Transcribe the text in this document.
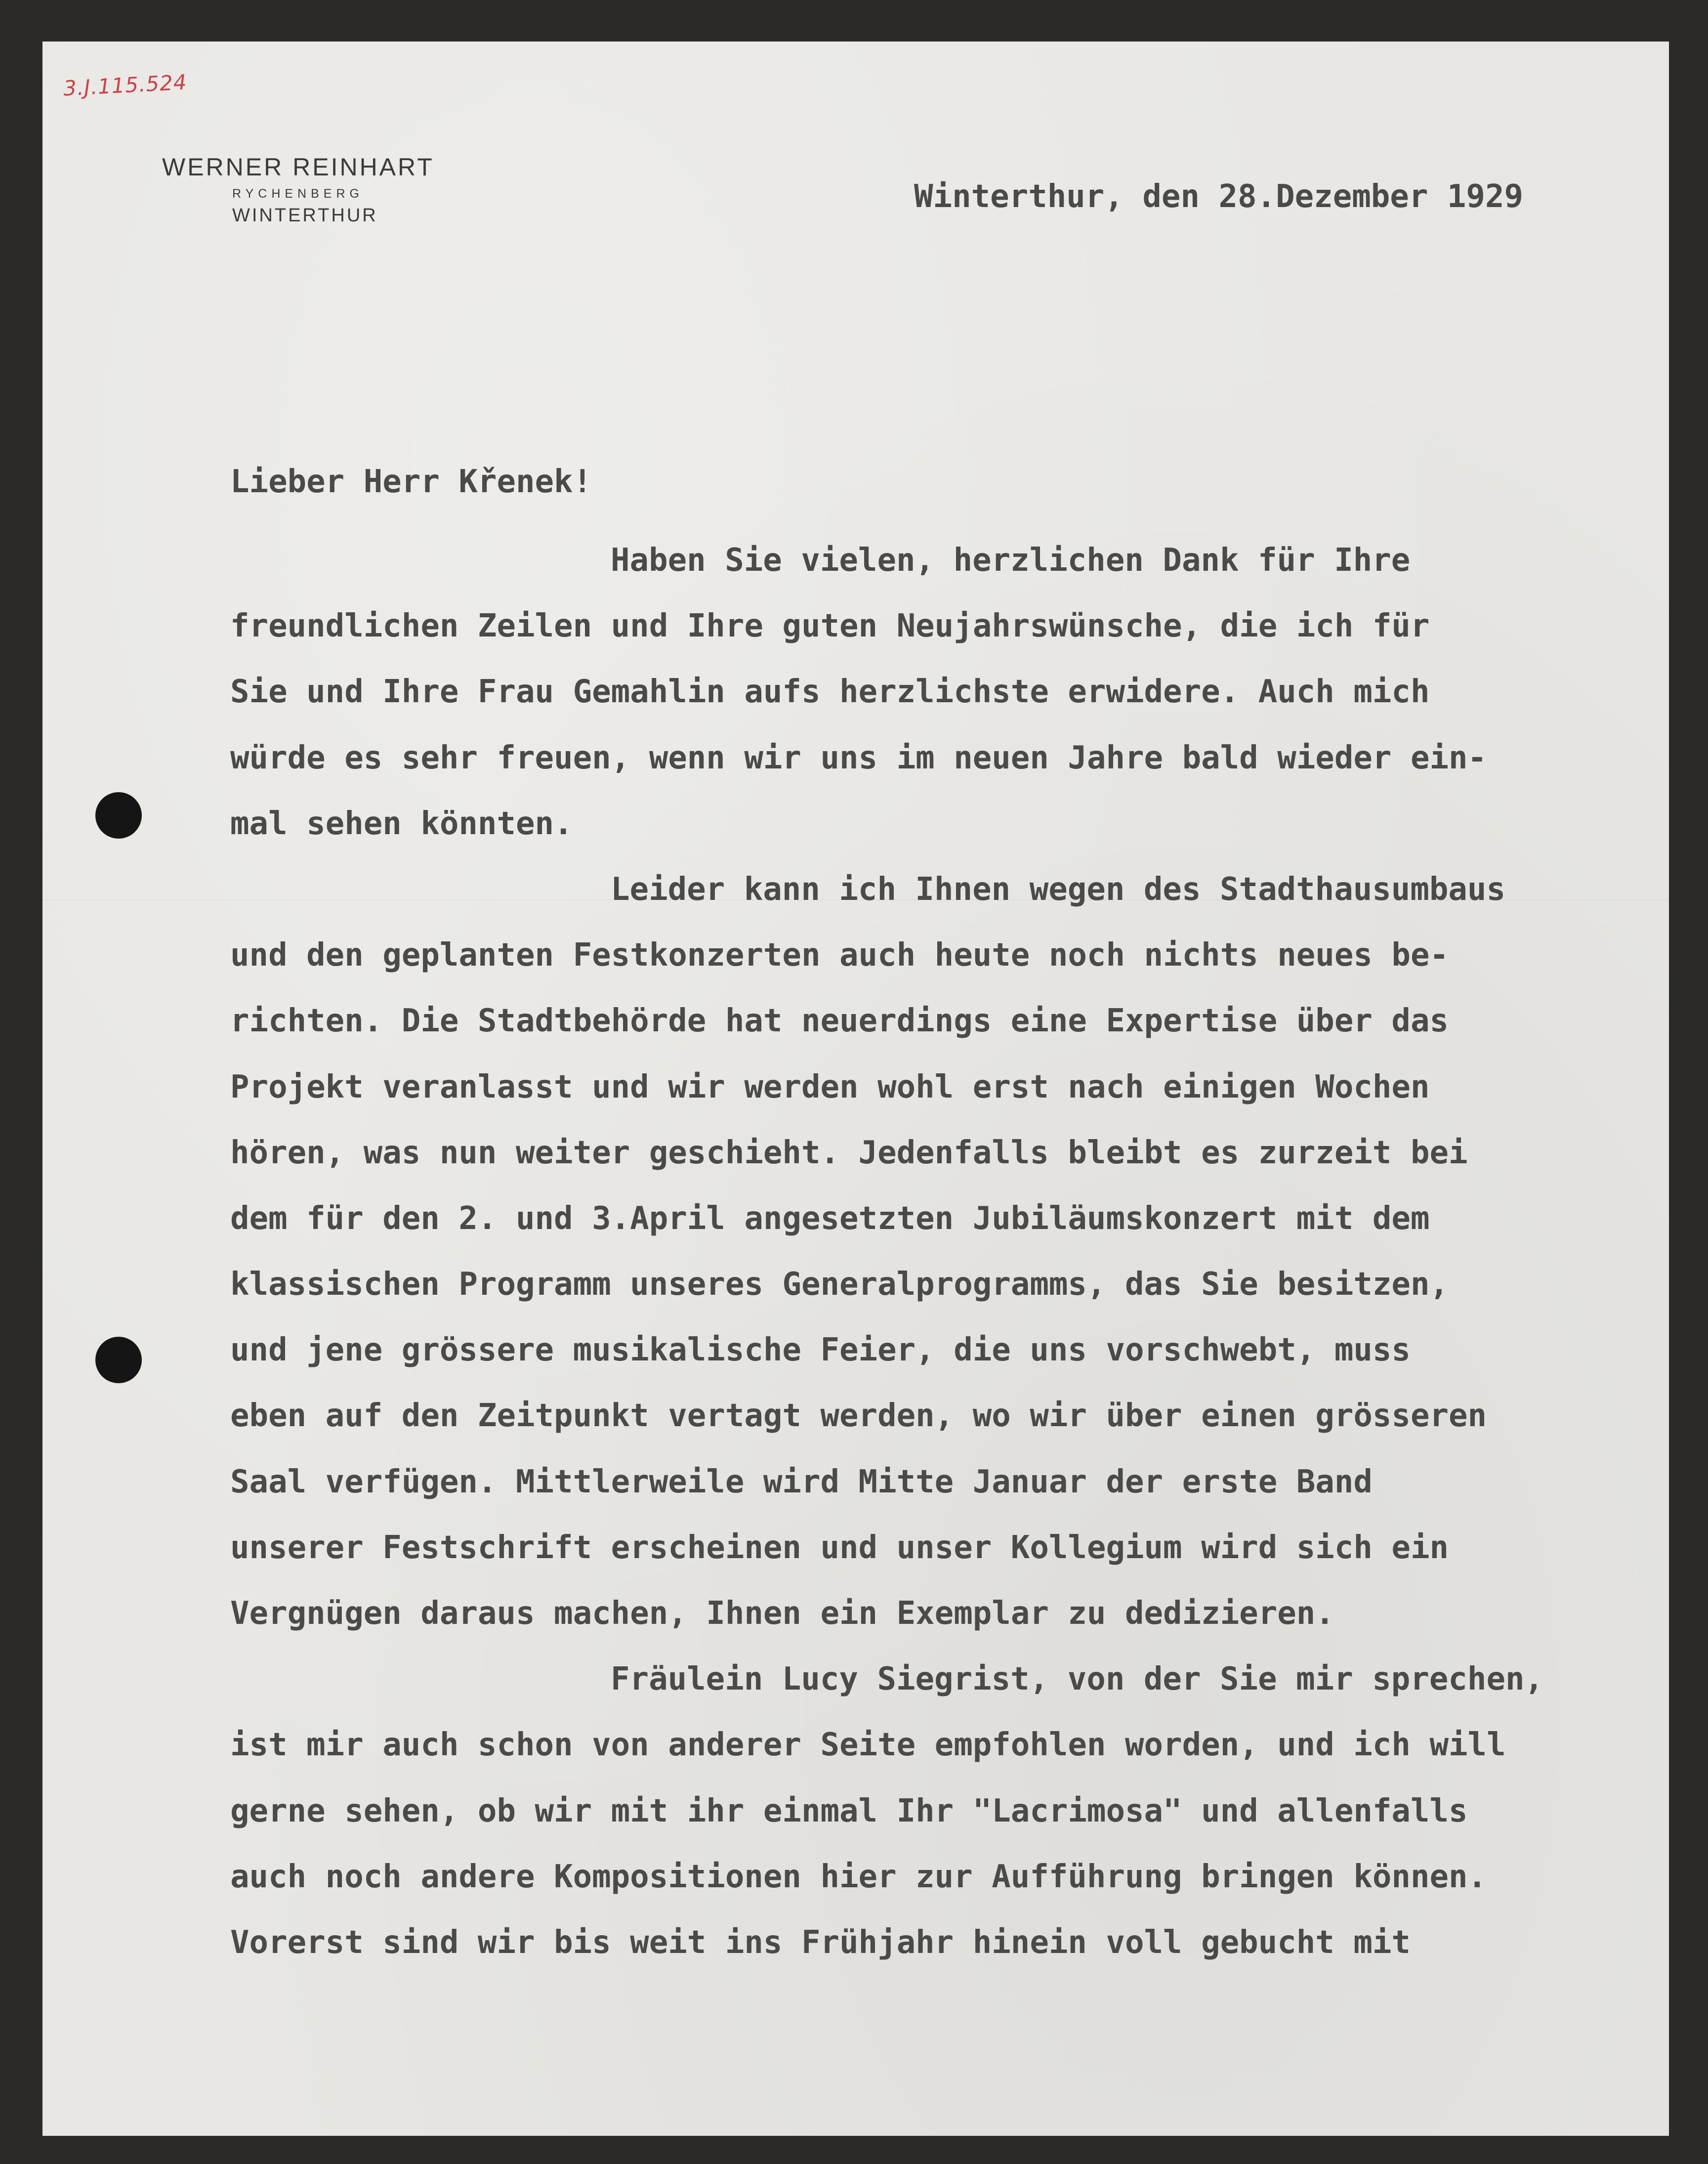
3.J.115.524
WERNER REINHART
RYCHENBERG
WINTERTHUR
Winterthur, den 28.Dezember 1929
Lieber Herr Křenek!
Haben Sie vielen, herzlichen Dank für Ihre
freundlichen Zeilen und Ihre guten Neujahrswünsche, die ich für
Sie und Ihre Frau Gemahlin aufs herzlichste erwidere. Auch mich
würde es sehr freuen, wenn wir uns im neuen Jahre bald wieder ein-
mal sehen könnten.
Leider kann ich Ihnen wegen des Stadthausumbaus
und den geplanten Festkonzerten auch heute noch nichts neues be-
richten. Die Stadtbehörde hat neuerdings eine Expertise über das
Projekt veranlasst und wir werden wohl erst nach einigen Wochen
hören, was nun weiter geschieht. Jedenfalls bleibt es zurzeit bei
dem für den 2. und 3.April angesetzten Jubiläumskonzert mit dem
klassischen Programm unseres Generalprogramms, das Sie besitzen,
und jene grössere musikalische Feier, die uns vorschwebt, muss
eben auf den Zeitpunkt vertagt werden, wo wir über einen grösseren
Saal verfügen. Mittlerweile wird Mitte Januar der erste Band
unserer Festschrift erscheinen und unser Kollegium wird sich ein
Vergnügen daraus machen, Ihnen ein Exemplar zu dedizieren.
Fräulein Lucy Siegrist, von der Sie mir sprechen,
ist mir auch schon von anderer Seite empfohlen worden, und ich will
gerne sehen, ob wir mit ihr einmal Ihr "Lacrimosa" und allenfalls
auch noch andere Kompositionen hier zur Aufführung bringen können.
Vorerst sind wir bis weit ins Frühjahr hinein voll gebucht mit
